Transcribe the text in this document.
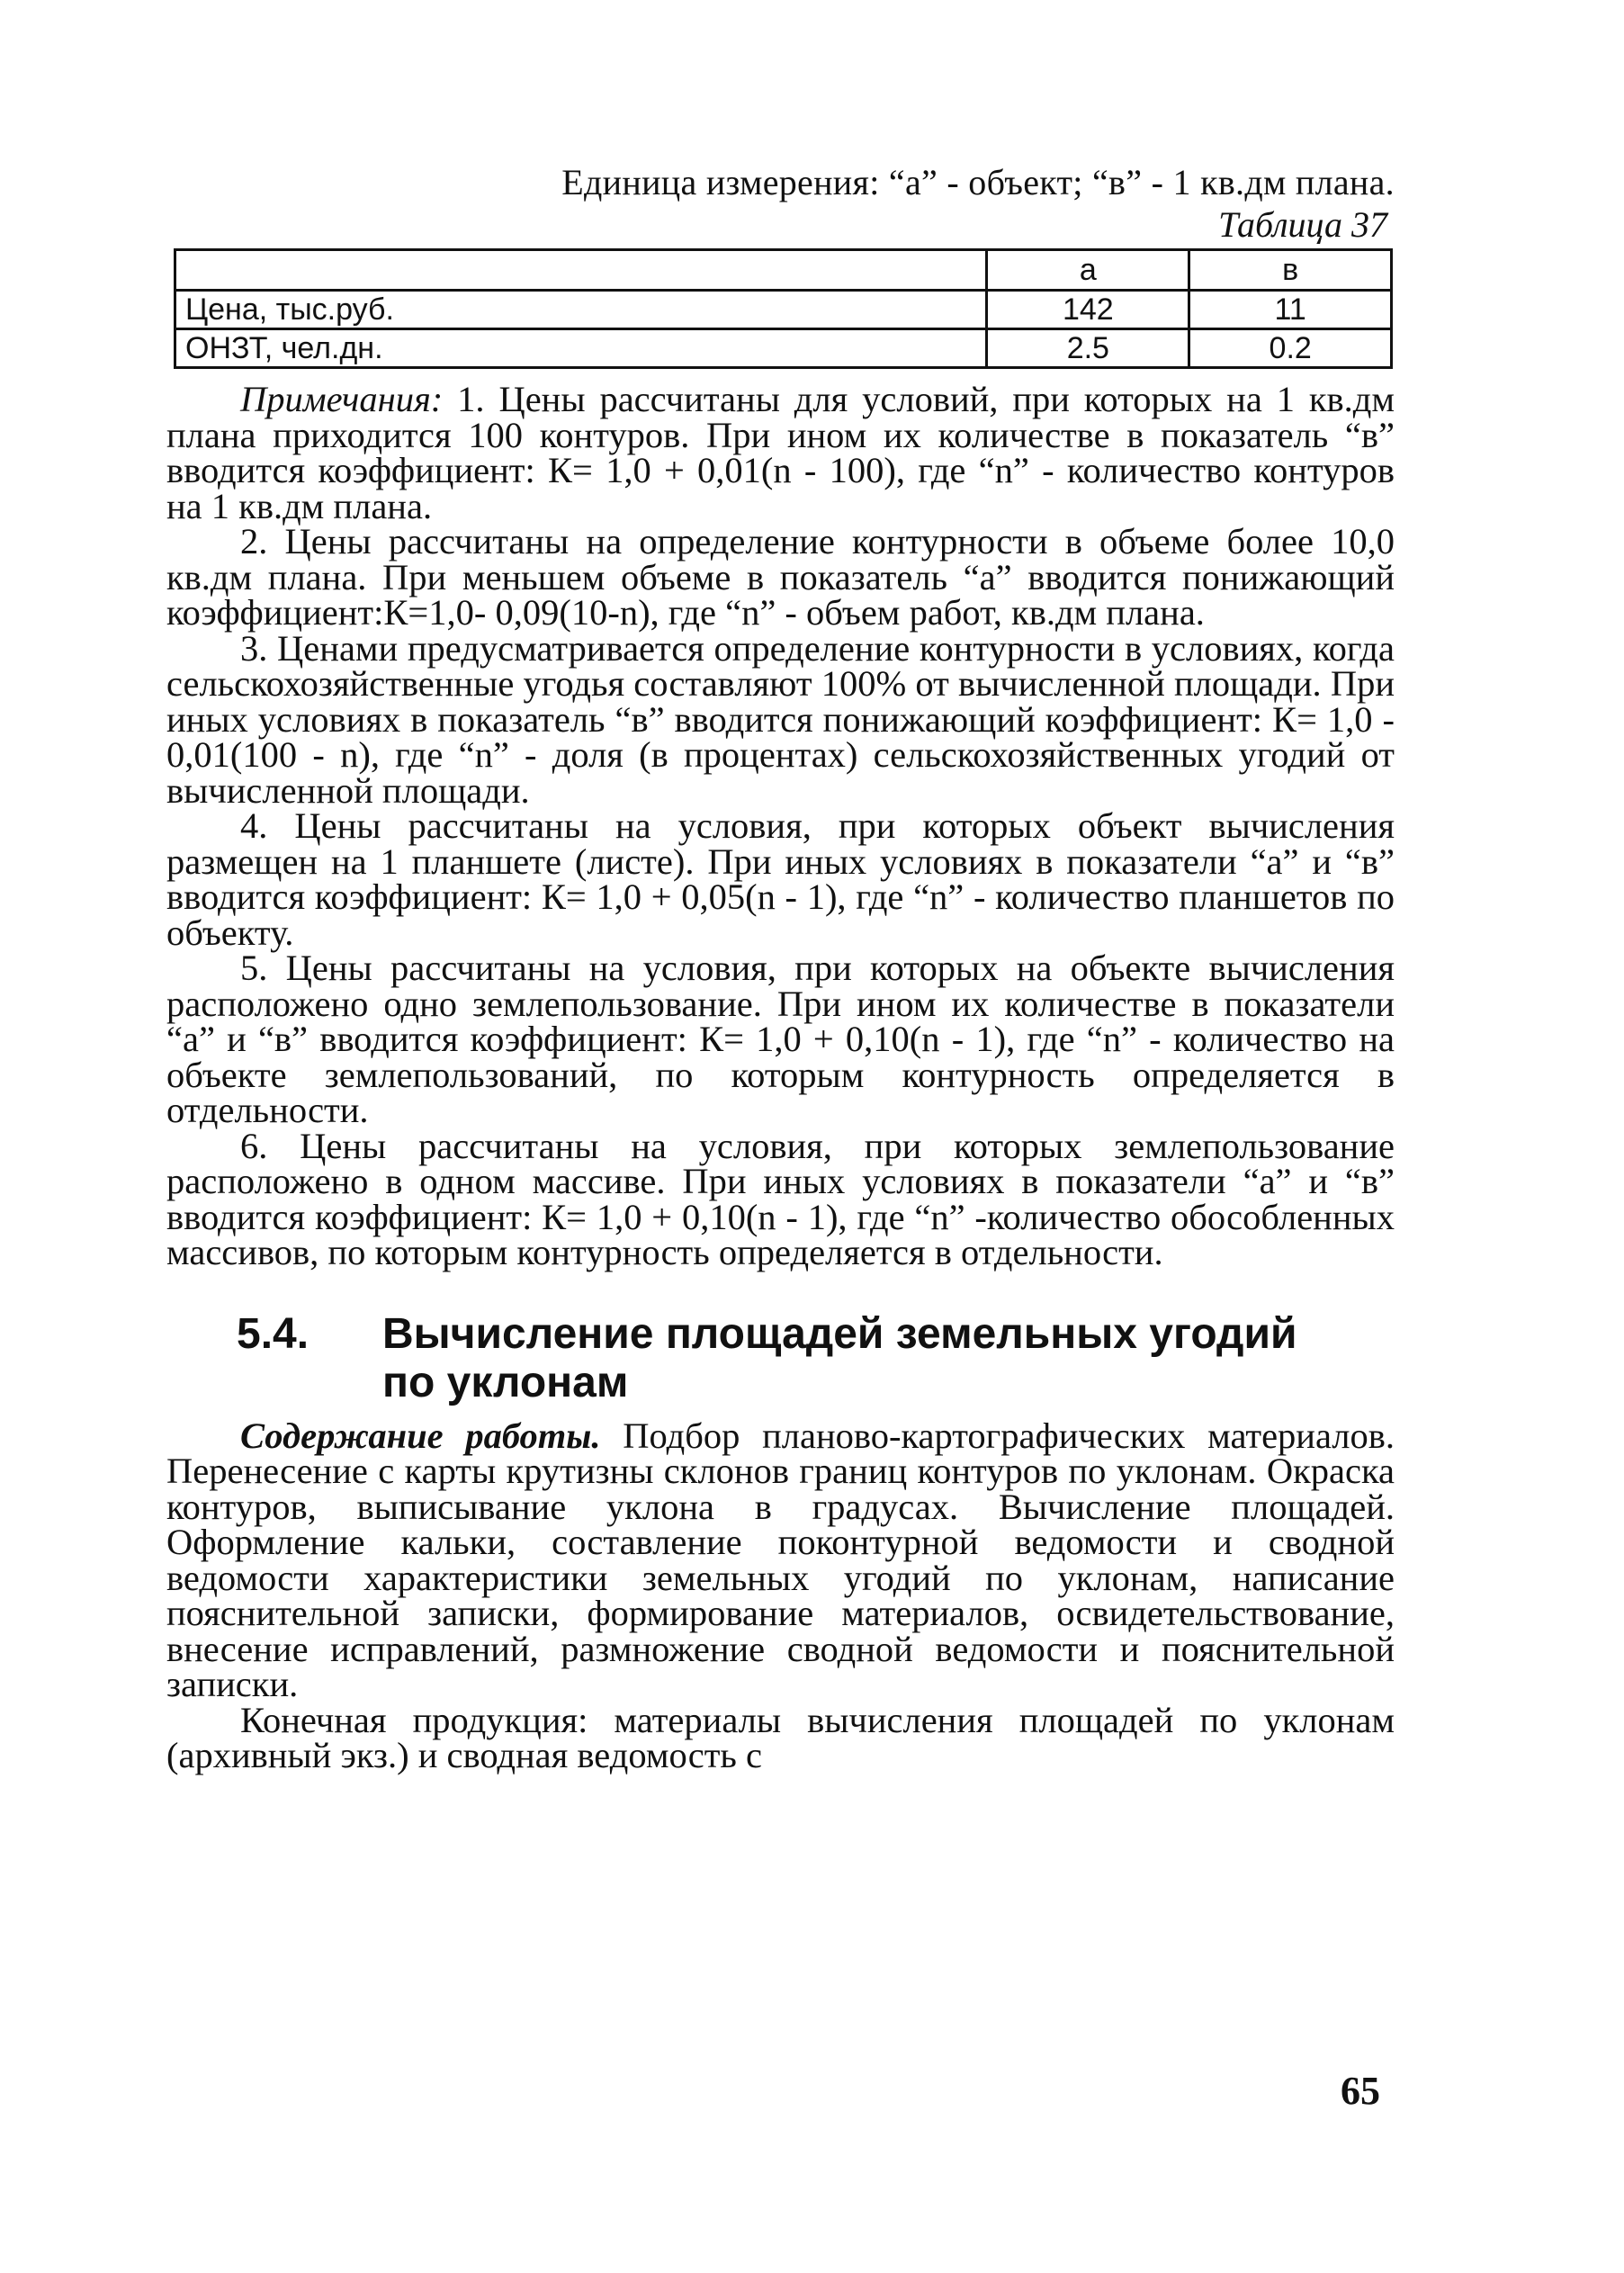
Единица измерения: “а” - объект; “в” - 1 кв.дм плана.
Таблица 37
	а	в
Цена, тыс.руб.	142	11
ОНЗТ, чел.дн.	2.5	0.2

Примечания: 1. Цены рассчитаны для условий, при которых на 1 кв.дм плана приходится 100 контуров. При ином их количестве в показатель “в” вводится коэффициент: К= 1,0 + 0,01(n - 100), где “n” - количество контуров на 1 кв.дм плана.

2. Цены рассчитаны на определение контурности в объеме более 10,0 кв.дм плана. При меньшем объеме в показатель “а” вводится понижающий коэффициент:К=1,0- 0,09(10-n), где “n” - объем работ, кв.дм плана.

3. Ценами предусматривается определение контурности в условиях, когда сельскохозяйственные угодья составляют 100% от вычисленной площади. При иных условиях в показатель “в” вводится понижающий коэффициент: К= 1,0 - 0,01(100 - n), где “n” - доля (в процентах) сельскохозяйственных угодий от вычисленной площади.

4. Цены рассчитаны на условия, при которых объект вычисления размещен на 1 планшете (листе). При иных условиях в показатели “а” и “в” вводится коэффициент: К= 1,0 + 0,05(n - 1), где “n” - количество планшетов по объекту.

5. Цены рассчитаны на условия, при которых на объекте вычисления расположено одно землепользование. При ином их количестве в показатели “а” и “в” вводится коэффициент: К= 1,0 + 0,10(n - 1), где “n” - количество на объекте землепользований, по которым контурность определяется в отдельности.

6. Цены рассчитаны на условия, при которых землепользование расположено в одном массиве. При иных условиях в показатели “а” и “в” вводится коэффициент: К= 1,0 + 0,10(n - 1), где “n” -количество обособленных массивов, по которым контурность определяется в отдельности.

5.4. Вычисление площадей земельных угодий
по уклонам

Содержание работы. Подбор планово-картографических материалов. Перенесение с карты крутизны склонов границ контуров по уклонам. Окраска контуров, выписывание уклона в градусах. Вычисление площадей. Оформление кальки, составление поконтурной ведомости и сводной ведомости характеристики земельных угодий по уклонам, написание пояснительной записки, формирование материалов, освидетельствование, внесение исправлений, размножение сводной ведомости и пояснительной записки.

Конечная продукция: материалы вычисления площадей по уклонам (архивный экз.) и сводная ведомость с

65
